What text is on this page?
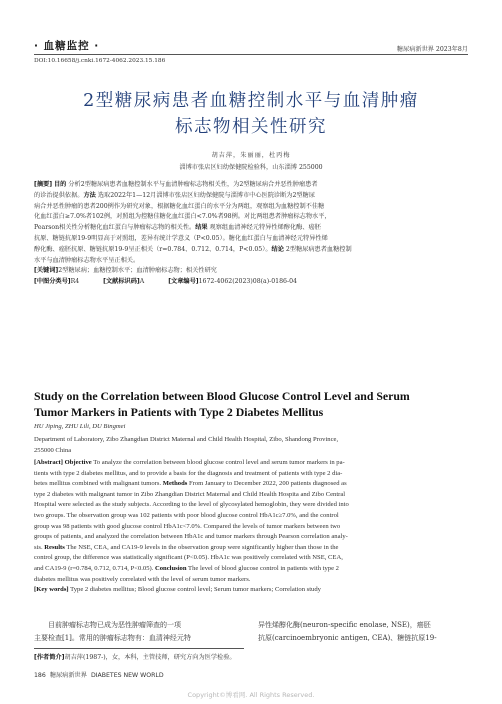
· 血糖监控 ·	糖尿病新世界 2023年8月
DOI:10.16658/j.cnki.1672-4062.2023.15.186
2型糖尿病患者血糖控制水平与血清肿瘤
标志物相关性研究
胡吉萍，朱丽丽，杜丙梅
淄博市张店区妇幼保健院检验科，山东淄博 255000
[摘要] 目的 分析2型糖尿病患者血糖控制水平与血清肿瘤标志物相关性，为2型糖尿病合并恶性肿瘤患者
的诊治提供依据。方法 选取2022年1—12月淄博市张店区妇幼保健院与淄博市中心医院诊断为2型糖尿
病合并恶性肿瘤的患者200例作为研究对象，根据糖化血红蛋白的水平分为两组，观察组为血糖控制不佳糖
化血红蛋白≥7.0%者102例，对照组为控糖佳糖化血红蛋白<7.0%者98例。对比两组患者肿瘤标志物水平，
Pearson相关性分析糖化血红蛋白与肿瘤标志物的相关性。结果 观察组血清神经元特异性烯醇化酶、癌胚
抗原、糖链抗原19-9明显高于对照组，差异有统计学意义（P<0.05）。糖化血红蛋白与血清神经元特异性烯
醇化酶、癌胚抗原、糖链抗原19-9呈正相关（r=0.784、0.712、0.714，P<0.05）。结论 2型糖尿病患者血糖控制
水平与血清肿瘤标志物水平呈正相关。
[关键词]2型糖尿病；血糖控制水平；血清肿瘤标志物；相关性研究
[中图分类号]R4	[文献标识码]A	[文章编号]1672-4062(2023)08(a)-0186-04
Study on the Correlation between Blood Glucose Control Level and Serum
Tumor Markers in Patients with Type 2 Diabetes Mellitus
HU Jiping, ZHU Lili, DU Bingmei
Department of Laboratory, Zibo Zhangdian District Maternal and Child Health Hospital, Zibo, Shandong Province,
255000 China
[Abstract] Objective To analyze the correlation between blood glucose control level and serum tumor markers in pa-
tients with type 2 diabetes mellitus, and to provide a basis for the diagnosis and treatment of patients with type 2 dia-
betes mellitus combined with malignant tumors. Methods From January to December 2022, 200 patients diagnosed as
type 2 diabetes with malignant tumor in Zibo Zhangdian District Maternal and Child Health Hospita and Zibo Central
Hospital were selected as the study subjects. According to the level of glycosylated hemoglobin, they were divided into
two groups. The observation group was 102 patients with poor blood glucose control HbA1c≥7.0%, and the control
group was 98 patients with good glucose control HbA1c<7.0%. Compared the levels of tumor markers between two
groups of patients, and analyzed the correlation between HbA1c and tumor markers through Pearson correlation analy-
sis. Results The NSE, CEA, and CA19-9 levels in the observation group were significantly higher than those in the
control group, the difference was statistically significant (P<0.05). HbA1c was positively correlated with NSE, CEA,
and CA19-9 (r=0.784, 0.712, 0.714, P<0.05). Conclusion The level of blood glucose control in patients with type 2
diabetes mellitus was positively correlated with the level of serum tumor markers.
[Key words] Type 2 diabetes mellitus; Blood glucose control level; Serum tumor markers; Correlation study
目前肿瘤标志物已成为恶性肿瘤筛查的一项
主要检查[1]。常用的肿瘤标志物有：血清神经元特
异性烯醇化酶(neuron-specific enolase, NSE)，癌胚
抗原(carcinoembryonic antigen, CEA)、糖链抗原19-
[作者简介]胡吉萍(1987-)，女，本科，主管技师，研究方向为医学检验。
186 糖尿病新世界 DIABETES NEW WORLD
Copyright©博看网. All Rights Reserved.
